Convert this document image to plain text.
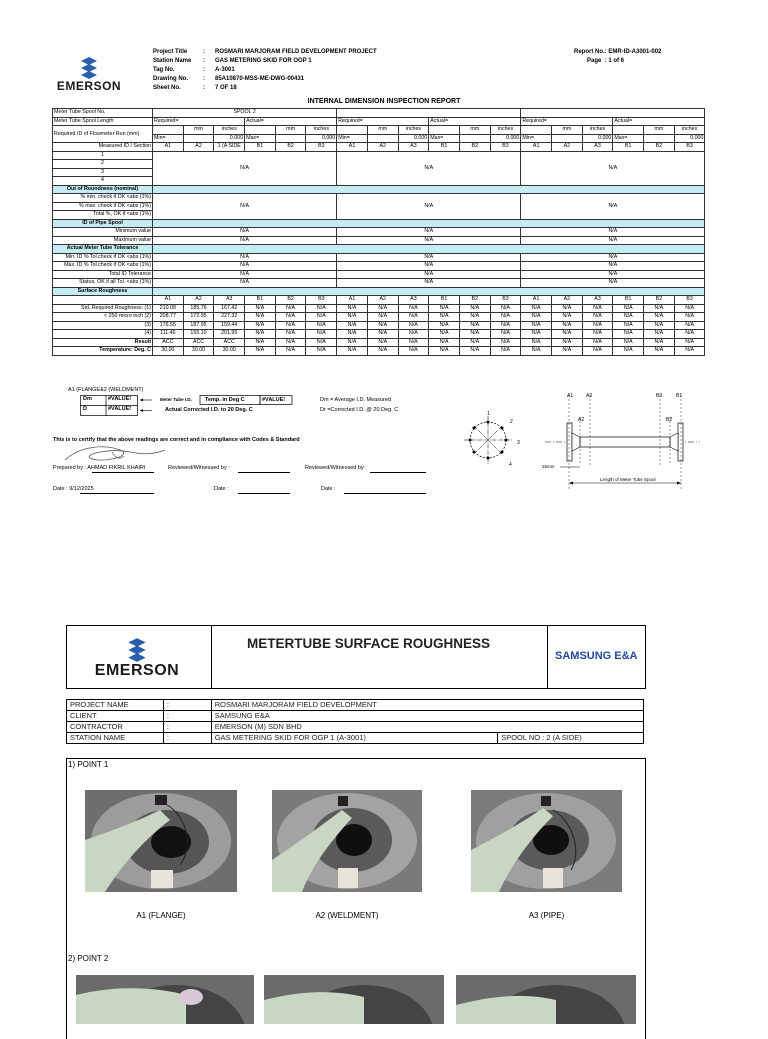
EMERSON
Project Title	:	ROSMARI MARJORAM FIELD DEVELOPMENT PROJECT
Station Name	:	GAS METERING SKID FOR OGP 1
Tag No.	:	A-3001
Drawing No.	:	85A10870-MSS-ME-DWG-00431
Sheet No.	:	7 OF 18
Report No.:
EMR-ID-A3001-002
Page
: 1 of 6
INTERNAL DIMENSION INSPECTION REPORT
Meter Tube Spool No.	SPOOL 2																	
Meter Tube Spool Length	Required=			Actual=			Required=			Actual=			Required=			Actual=		
Required ID of Flowmeter Run (mm)		mm	inches		mm	inches		mm	inches		mm	inches		mm	inches		mm	inches
	Min=		0.000	Max=		0.000	Min=		0.000	Max=		0.000	Min=		0.000	Max=		0.000
Measured ID / Section	A1	A2	1 (A SIDE	B1	B2	B3	A1	A2	A3	B1	B2	B3	A1	A2	A3	B1	B2	B3
1	N/A						N/A						N/A					
2																		
3																		
4																		
Out of Roundness (nominal)																		
% min. check if OK <abs (1%)	N/A						N/A						N/A					
% max. check if OK <abs (1%)																		
Total %, OK if <abs (1%)																		
ID of Pipe Spool																		
Minimum value	N/A						N/A						N/A					
Maximum value	N/A						N/A						N/A					
Actual Meter Tube Tolerance																		
Min. ID % Tol.check if OK <abs (1%)	N/A						N/A						N/A					
Max. ID % Tol.check if OK <abs (1%)	N/A						N/A						N/A					
Total ID Tolerance	N/A						N/A						N/A					
Status, OK if all Tol. <abs (1%)	N/A						N/A						N/A					
Surface Roughness																		
	A1	A2	A3	B1	B2	B3	A1	A2	A3	B1	B2	B3	A1	A2	A3	B1	B2	B3
Std. Required Roughness: (1)	210.08	185.76	167.42	N/A	N/A	N/A	N/A	N/A	N/A	N/A	N/A	N/A	N/A	N/A	N/A	N/A	N/A	N/A
< 250 micro inch (2)	208.77	172.95	227.32	N/A	N/A	N/A	N/A	N/A	N/A	N/A	N/A	N/A	N/A	N/A	N/A	N/A	N/A	N/A
(3)	176.55	187.95	159.44	N/A	N/A	N/A	N/A	N/A	N/A	N/A	N/A	N/A	N/A	N/A	N/A	N/A	N/A	N/A
(4)	111.46	155.10	201.95	N/A	N/A	N/A	N/A	N/A	N/A	N/A	N/A	N/A	N/A	N/A	N/A	N/A	N/A	N/A
Result	ACC	ACC	ACC	N/A	N/A	N/A	N/A	N/A	N/A	N/A	N/A	N/A	N/A	N/A	N/A	N/A	N/A	N/A
Temperature: Deg. C	30.00	30.00	30.00	N/A	N/A	N/A	N/A	N/A	N/A	N/A	N/A	N/A	N/A	N/A	N/A	N/A	N/A	N/A
A1 (FLANGE&2 (WELDMENT)
Dm
D
#VALUE!
#VALUE!
Meter Tube I.D. Temp. in Deg C	#VALUE!
Actual Corrected I.D. to 20 Deg. C
Dm = Average I.D. Measured
Dr =Corrected I.D. @ 20 Deg. C
1
2
3
4
A1	A3
A2
B3	B1
B2
25mm
Length of Meter Tube Spool
This is to certify that the above readings are correct and in compliance with Codes & Standard
Prepared by : AHMAD FIKRIL KHAIRI	Reviewed/Witnessed by :	Reviewed/Witnessed by :
Date : 9/12/2025	Date :	Date :
EMERSON
METERTUBE SURFACE ROUGHNESS
SAMSUNG E&A
PROJECT NAME	:	ROSMARI MARJORAM FIELD DEVELOPMENT	
CLIENT	:	SAMSUNG E&A	
CONTRACTOR	:	EMERSON (M) SDN BHD	
STATION NAME	:	GAS METERING SKID FOR OGP 1 (A-3001)	SPOOL NO : 2 (A SIDE)
1) POINT 1
A1 (FLANGE)	A2 (WELDMENT)	A3 (PIPE)
2) POINT 2
